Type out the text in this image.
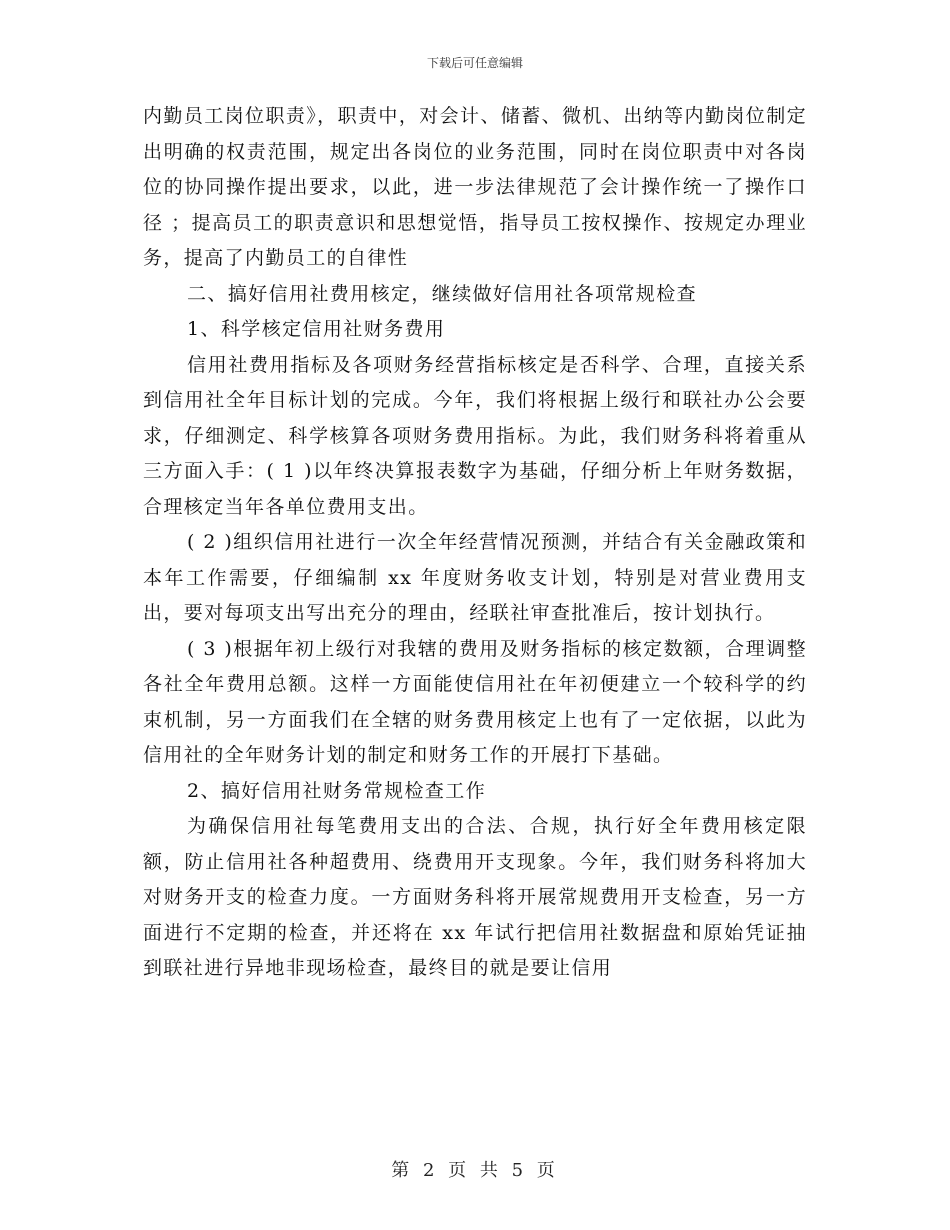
下载后可任意编辑

内勤员工岗位职责》，职责中，对会计、储蓄、微机、出纳等内勤岗位制定出明确的权责范围，规定出各岗位的业务范围，同时在岗位职责中对各岗位的协同操作提出要求，以此，进一步法律规范了会计操作统一了操作口径 ；提高员工的职责意识和思想觉悟，指导员工按权操作、按规定办理业务，提高了内勤员工的自律性

二、搞好信用社费用核定，继续做好信用社各项常规检查

1、科学核定信用社财务费用

信用社费用指标及各项财务经营指标核定是否科学、合理，直接关系到信用社全年目标计划的完成。今年，我们将根据上级行和联社办公会要求，仔细测定、科学核算各项财务费用指标。为此，我们财务科将着重从三方面入手：( 1 )以年终决算报表数字为基础，仔细分析上年财务数据，合理核定当年各单位费用支出。

( 2 )组织信用社进行一次全年经营情况预测，并结合有关金融政策和本年工作需要，仔细编制 xx 年度财务收支计划，特别是对营业费用支出，要对每项支出写出充分的理由，经联社审查批准后，按计划执行。

( 3 )根据年初上级行对我辖的费用及财务指标的核定数额，合理调整各社全年费用总额。这样一方面能使信用社在年初便建立一个较科学的约束机制，另一方面我们在全辖的财务费用核定上也有了一定依据，以此为信用社的全年财务计划的制定和财务工作的开展打下基础。

2、搞好信用社财务常规检查工作

为确保信用社每笔费用支出的合法、合规，执行好全年费用核定限额，防止信用社各种超费用、绕费用开支现象。今年，我们财务科将加大对财务开支的检查力度。一方面财务科将开展常规费用开支检查，另一方面进行不定期的检查，并还将在 xx 年试行把信用社数据盘和原始凭证抽到联社进行异地非现场检查，最终目的就是要让信用

第 2 页 共 5 页
